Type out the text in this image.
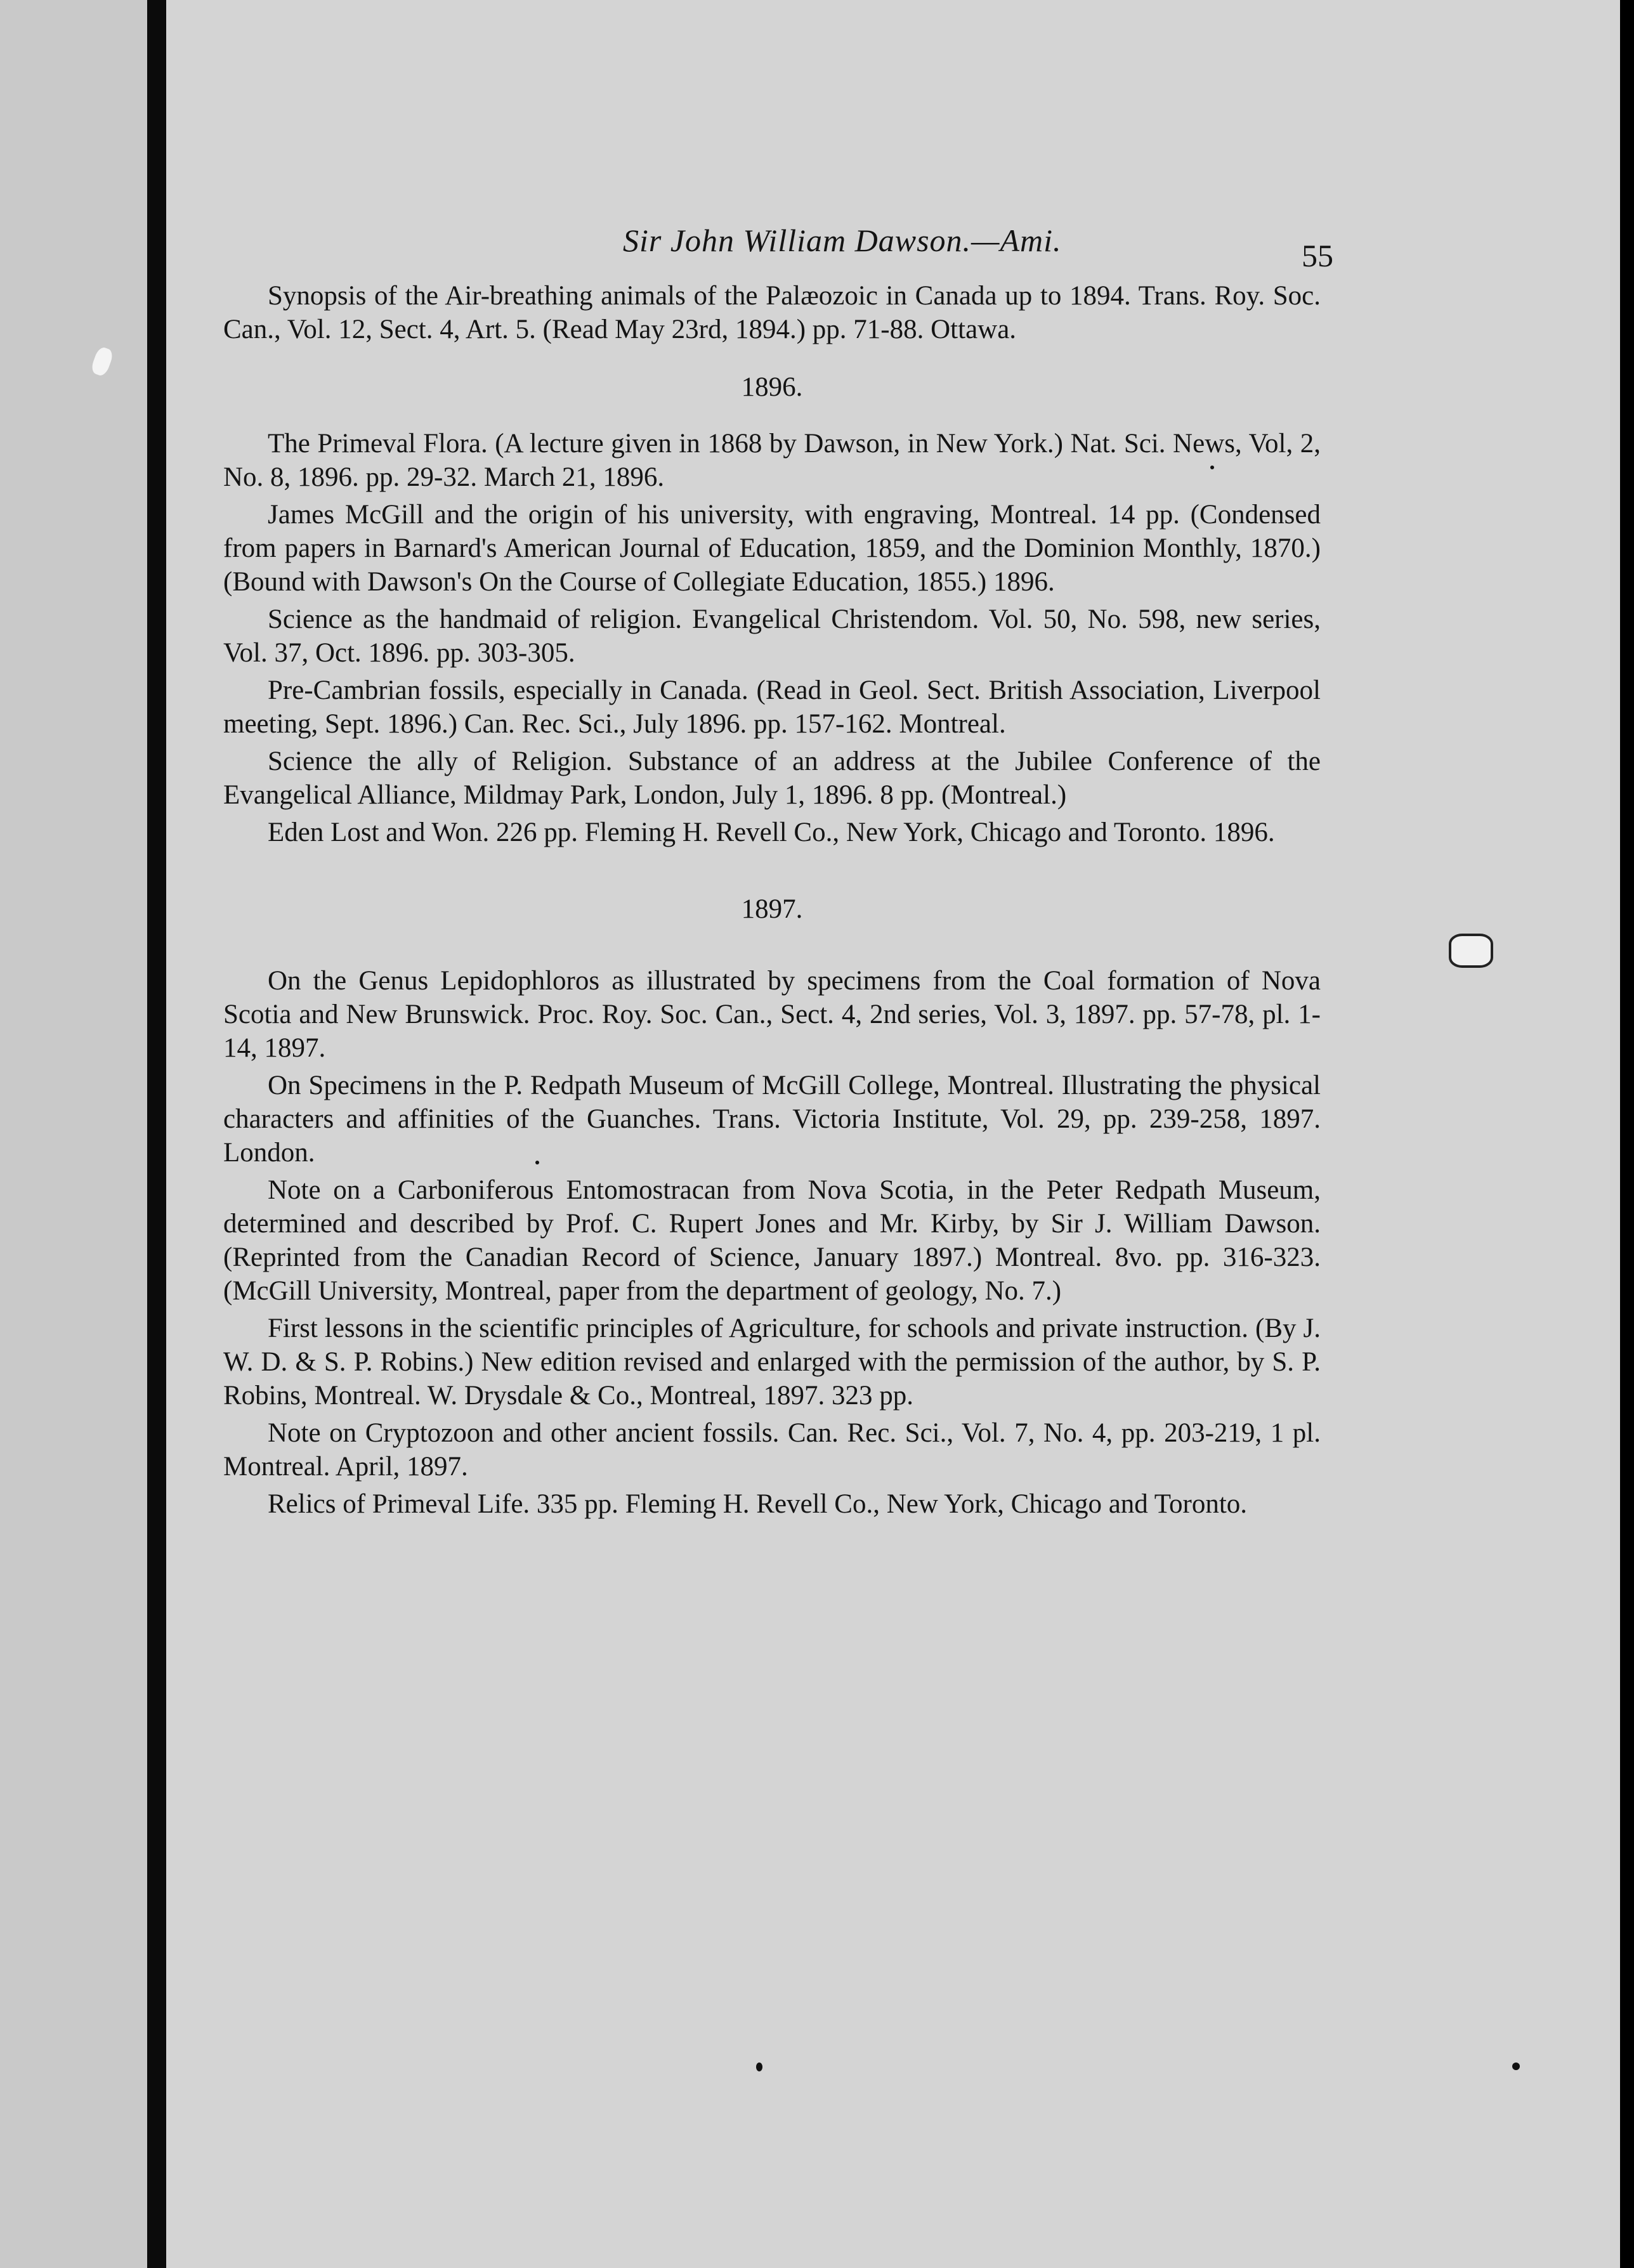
Sir John William Dawson.—Ami.	55

Synopsis of the Air-breathing animals of the Palæozoic in Canada up to 1894. Trans. Roy. Soc. Can., Vol. 12, Sect. 4, Art. 5. (Read May 23rd, 1894.) pp. 71-88. Ottawa.

1896.

The Primeval Flora. (A lecture given in 1868 by Dawson, in New York.) Nat. Sci. News, Vol, 2, No. 8, 1896. pp. 29-32. March 21, 1896.

James McGill and the origin of his university, with engraving, Montreal. 14 pp. (Condensed from papers in Barnard's American Journal of Education, 1859, and the Dominion Monthly, 1870.) (Bound with Dawson's On the Course of Collegiate Education, 1855.) 1896.

Science as the handmaid of religion. Evangelical Christendom. Vol. 50, No. 598, new series, Vol. 37, Oct. 1896. pp. 303-305.

Pre-Cambrian fossils, especially in Canada. (Read in Geol. Sect. British Association, Liverpool meeting, Sept. 1896.) Can. Rec. Sci., July 1896. pp. 157-162. Montreal.

Science the ally of Religion. Substance of an address at the Jubilee Conference of the Evangelical Alliance, Mildmay Park, London, July 1, 1896. 8 pp. (Montreal.)

Eden Lost and Won. 226 pp. Fleming H. Revell Co., New York, Chicago and Toronto. 1896.

1897.

On the Genus Lepidophloros as illustrated by specimens from the Coal formation of Nova Scotia and New Brunswick. Proc. Roy. Soc. Can., Sect. 4, 2nd series, Vol. 3, 1897. pp. 57-78, pl. 1-14, 1897.

On Specimens in the P. Redpath Museum of McGill College, Montreal. Illustrating the physical characters and affinities of the Guanches. Trans. Victoria Institute, Vol. 29, pp. 239-258, 1897. London.

Note on a Carboniferous Entomostracan from Nova Scotia, in the Peter Redpath Museum, determined and described by Prof. C. Rupert Jones and Mr. Kirby, by Sir J. William Dawson. (Reprinted from the Canadian Record of Science, January 1897.) Montreal. 8vo. pp. 316-323. (McGill University, Montreal, paper from the department of geology, No. 7.)

First lessons in the scientific principles of Agriculture, for schools and private instruction. (By J. W. D. & S. P. Robins.) New edition revised and enlarged with the permission of the author, by S. P. Robins, Montreal. W. Drysdale & Co., Montreal, 1897. 323 pp.

Note on Cryptozoon and other ancient fossils. Can. Rec. Sci., Vol. 7, No. 4, pp. 203-219, 1 pl. Montreal. April, 1897.

Relics of Primeval Life. 335 pp. Fleming H. Revell Co., New York, Chicago and Toronto.
